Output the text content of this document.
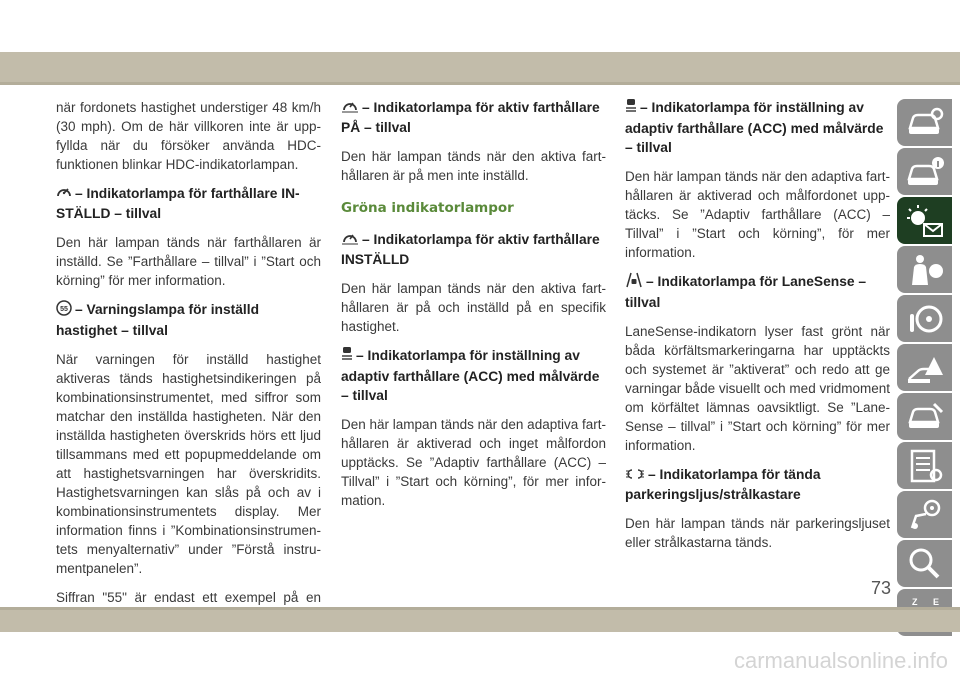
när fordonets hastighet understiger 48 km/h (30 mph). Om de här villkoren inte är uppfyllda när du försöker använda HDC-funktionen blinkar HDC-indikatorlampan.

– Indikatorlampa för farthållare INSTÄLLD – tillval

Den här lampan tänds när farthållaren är inställd. Se ”Farthållare – tillval” i ”Start och körning” för mer information.

55 – Varningslampa för inställd hastighet – tillval

När varningen för inställd hastighet aktiveras tänds hastighetsindikeringen på kombinationsinstrumentet, med siffror som matchar den inställda hastigheten. När den inställda hastigheten överskrids hörs ett ljud tillsammans med ett popupmeddelande om att hastighetsvarningen har överskridits. Hastighetsvarningen kan slås på och av i kombinationsinstrumentets display. Mer information finns i ”Kombinationsinstrumentets menyalternativ” under ”Förstå instrumentpanelen”.

Siffran "55" är endast ett exempel på en

– Indikatorlampa för aktiv farthållare PÅ – tillval

Den här lampan tänds när den aktiva farthållaren är på men inte inställd.

Gröna indikatorlampor
– Indikatorlampa för aktiv farthållare INSTÄLLD

Den här lampan tänds när den aktiva farthållaren är på och inställd på en specifik hastighet.

– Indikatorlampa för inställning av adaptiv farthållare (ACC) med målvärde – tillval

Den här lampan tänds när den adaptiva farthållaren är aktiverad och inget målfordon upptäcks. Se ”Adaptiv farthållare (ACC) – Tillval” i ”Start och körning”, för mer information.

– Indikatorlampa för inställning av adaptiv farthållare (ACC) med målvärde – tillval

Den här lampan tänds när den adaptiva farthållaren är aktiverad och målfordonet upptäcks. Se ”Adaptiv farthållare (ACC) – Tillval” i ”Start och körning”, för mer information.

– Indikatorlampa för LaneSense – tillval

LaneSense-indikatorn lyser fast grönt när båda körfältsmarkeringarna har upptäckts och systemet är ”aktiverat” och redo att ge varningar både visuellt och med vridmoment om körfältet lämnas oavsiktligt. Se ”LaneSense – tillval” i ”Start och körning” för mer information.

– Indikatorlampa för tända parkeringsljus/strålkastare

Den här lampan tänds när parkeringsljuset eller strålkastarna tänds.

Z E
73
carmanualsonline.info
